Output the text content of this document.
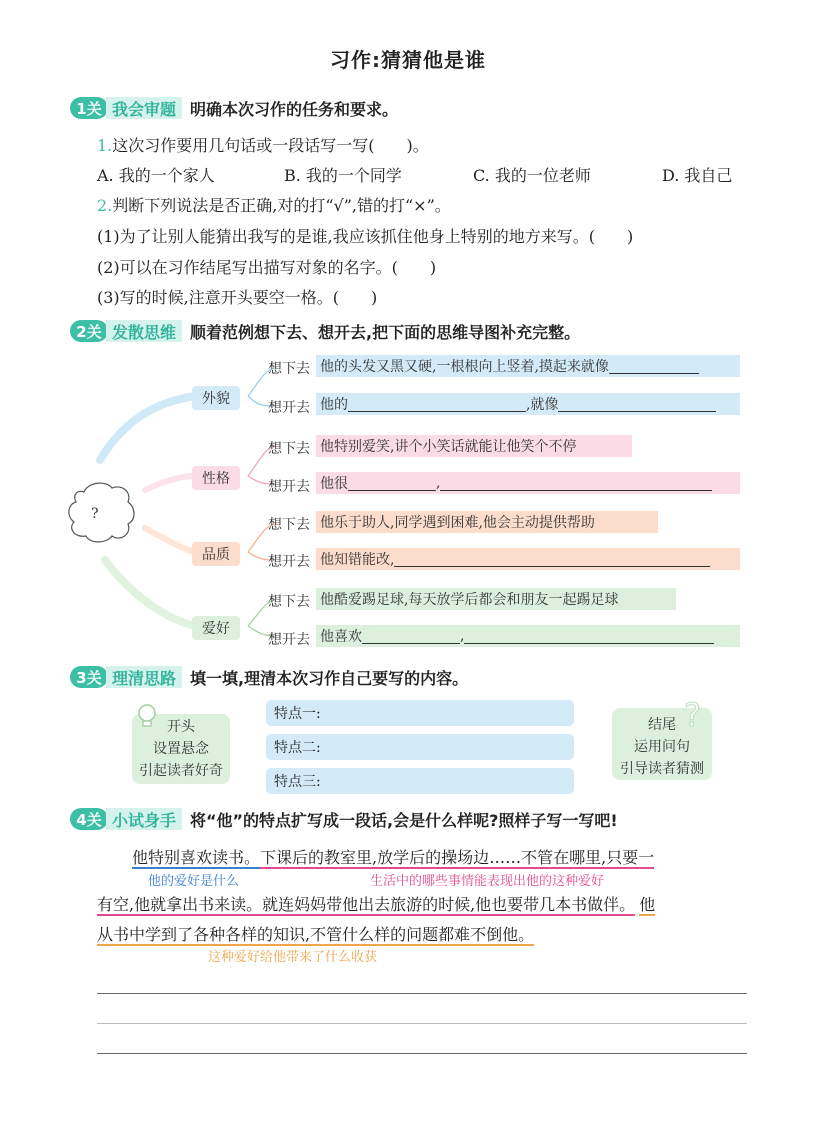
习作:猜猜他是谁
1关 我会审题 明确本次习作的任务和要求。
1.这次习作要用几句话或一段话写一写(　　)。
A. 我的一个家人	B. 我的一个同学	C. 我的一位老师	D. 我自己
2.判断下列说法是否正确,对的打“√”,错的打“×”。
(1)为了让别人能猜出我写的是谁,我应该抓住他身上特别的地方来写。(　　)
(2)可以在习作结尾写出描写对象的名字。(　　)
(3)写的时候,注意开头要空一格。(　　)
2关 发散思维 顺着范例想下去、想开去,把下面的思维导图补充完整。
?
外貌
想下去 他的头发又黑又硬,一根根向上竖着,摸起来就像
想开去 他的	,就像
性格
想下去 他特别爱笑,讲个小笑话就能让他笑个不停
想开去 他很	,
品质
想下去 他乐于助人,同学遇到困难,他会主动提供帮助
想开去 他知错能改,
爱好
想下去 他酷爱踢足球,每天放学后都会和朋友一起踢足球
想开去 他喜欢	,
3关 理清思路 填一填,理清本次习作自己要写的内容。
开头
设置悬念
引起读者好奇
特点一:
特点二:
特点三:
结尾
运用问句
引导读者猜测
?
4关 小试身手 将“他”的特点扩写成一段话,会是什么样呢?照样子写一写吧!
他特别喜欢读书。下课后的教室里,放学后的操场边……不管在哪里,只要一
他的爱好是什么	生活中的哪些事情能表现出他的这种爱好
有空,他就拿出书来读。就连妈妈带他出去旅游的时候,他也要带几本书做伴。 他
从书中学到了各种各样的知识,不管什么样的问题都难不倒他。
这种爱好给他带来了什么收获
